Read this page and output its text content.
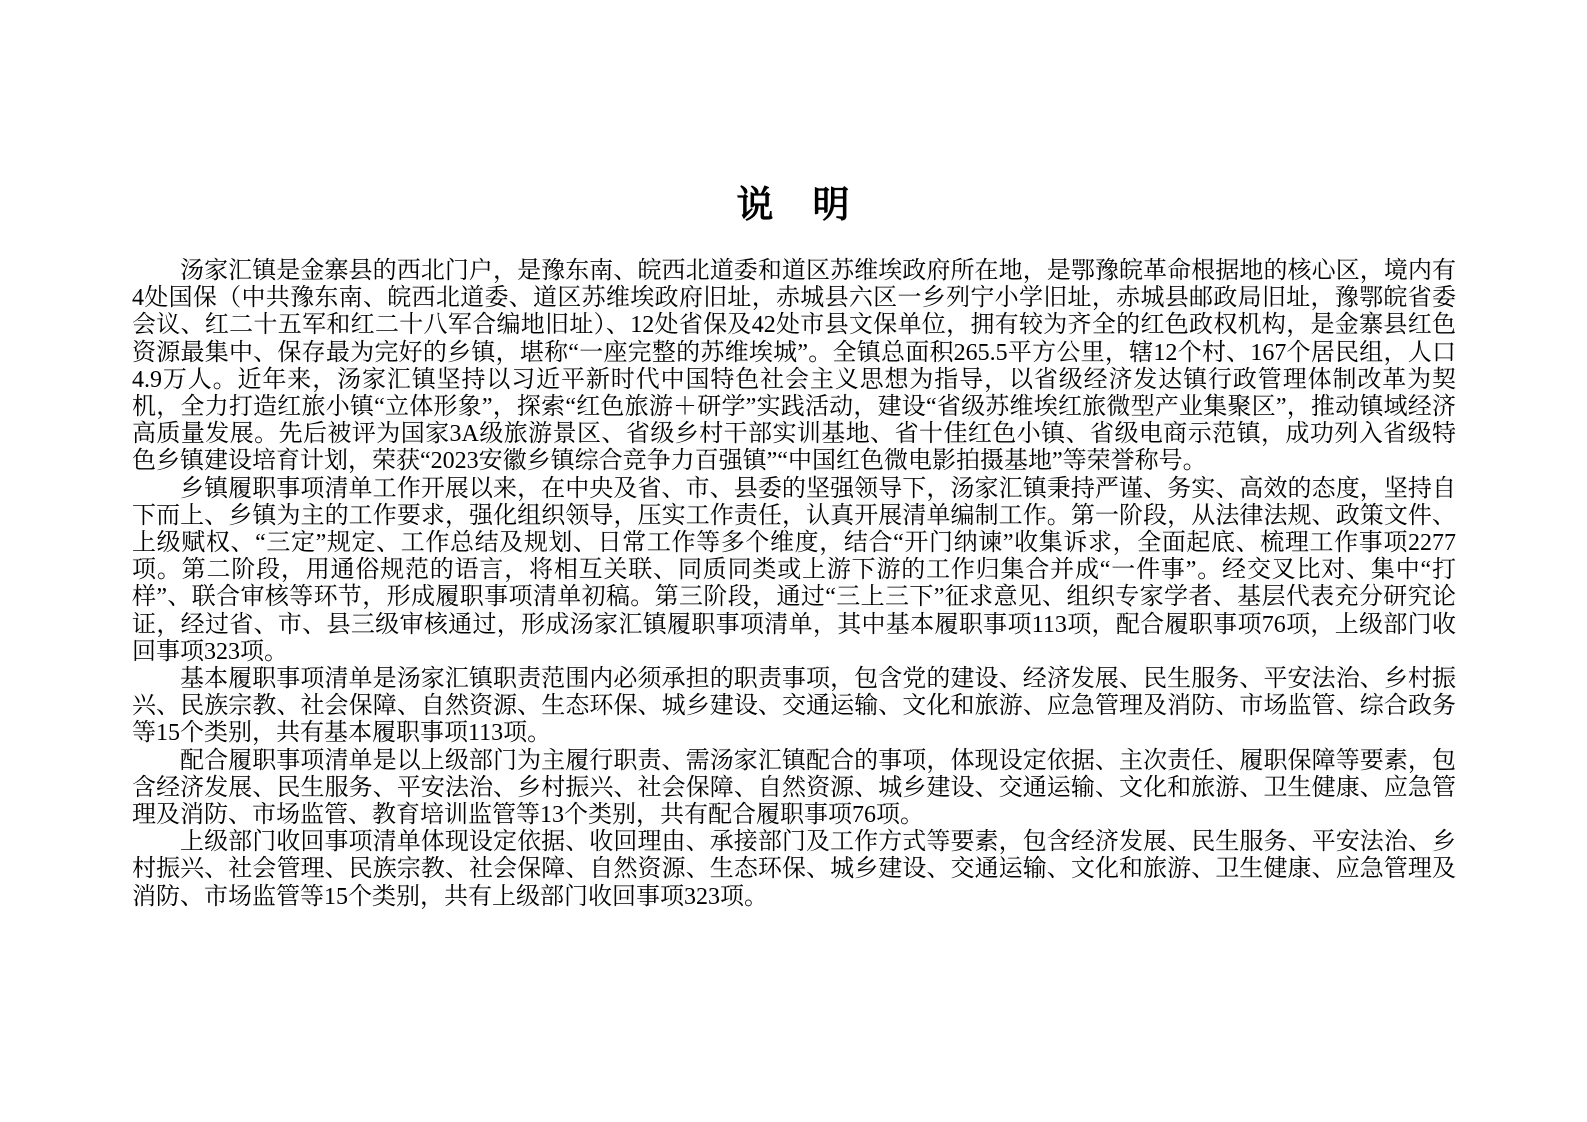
说　明

汤家汇镇是金寨县的西北门户，是豫东南、皖西北道委和道区苏维埃政府所在地，是鄂豫皖革命根据地的核心区，境内有4处国保（中共豫东南、皖西北道委、道区苏维埃政府旧址，赤城县六区一乡列宁小学旧址，赤城县邮政局旧址，豫鄂皖省委会议、红二十五军和红二十八军合编地旧址）、12处省保及42处市县文保单位，拥有较为齐全的红色政权机构，是金寨县红色资源最集中、保存最为完好的乡镇，堪称“一座完整的苏维埃城”。全镇总面积265.5平方公里，辖12个村、167个居民组，人口4.9万人。近年来，汤家汇镇坚持以习近平新时代中国特色社会主义思想为指导，以省级经济发达镇行政管理体制改革为契机，全力打造红旅小镇“立体形象”，探索“红色旅游＋研学”实践活动，建设“省级苏维埃红旅微型产业集聚区”，推动镇域经济高质量发展。先后被评为国家3A级旅游景区、省级乡村干部实训基地、省十佳红色小镇、省级电商示范镇，成功列入省级特色乡镇建设培育计划，荣获“2023安徽乡镇综合竞争力百强镇”“中国红色微电影拍摄基地”等荣誉称号。

乡镇履职事项清单工作开展以来，在中央及省、市、县委的坚强领导下，汤家汇镇秉持严谨、务实、高效的态度，坚持自下而上、乡镇为主的工作要求，强化组织领导，压实工作责任，认真开展清单编制工作。第一阶段，从法律法规、政策文件、上级赋权、“三定”规定、工作总结及规划、日常工作等多个维度，结合“开门纳谏”收集诉求，全面起底、梳理工作事项2277项。第二阶段，用通俗规范的语言，将相互关联、同质同类或上游下游的工作归集合并成“一件事”。经交叉比对、集中“打样”、联合审核等环节，形成履职事项清单初稿。第三阶段，通过“三上三下”征求意见、组织专家学者、基层代表充分研究论证，经过省、市、县三级审核通过，形成汤家汇镇履职事项清单，其中基本履职事项113项，配合履职事项76项，上级部门收回事项323项。

基本履职事项清单是汤家汇镇职责范围内必须承担的职责事项，包含党的建设、经济发展、民生服务、平安法治、乡村振兴、民族宗教、社会保障、自然资源、生态环保、城乡建设、交通运输、文化和旅游、应急管理及消防、市场监管、综合政务等15个类别，共有基本履职事项113项。

配合履职事项清单是以上级部门为主履行职责、需汤家汇镇配合的事项，体现设定依据、主次责任、履职保障等要素，包含经济发展、民生服务、平安法治、乡村振兴、社会保障、自然资源、城乡建设、交通运输、文化和旅游、卫生健康、应急管理及消防、市场监管、教育培训监管等13个类别，共有配合履职事项76项。

上级部门收回事项清单体现设定依据、收回理由、承接部门及工作方式等要素，包含经济发展、民生服务、平安法治、乡村振兴、社会管理、民族宗教、社会保障、自然资源、生态环保、城乡建设、交通运输、文化和旅游、卫生健康、应急管理及消防、市场监管等15个类别，共有上级部门收回事项323项。
